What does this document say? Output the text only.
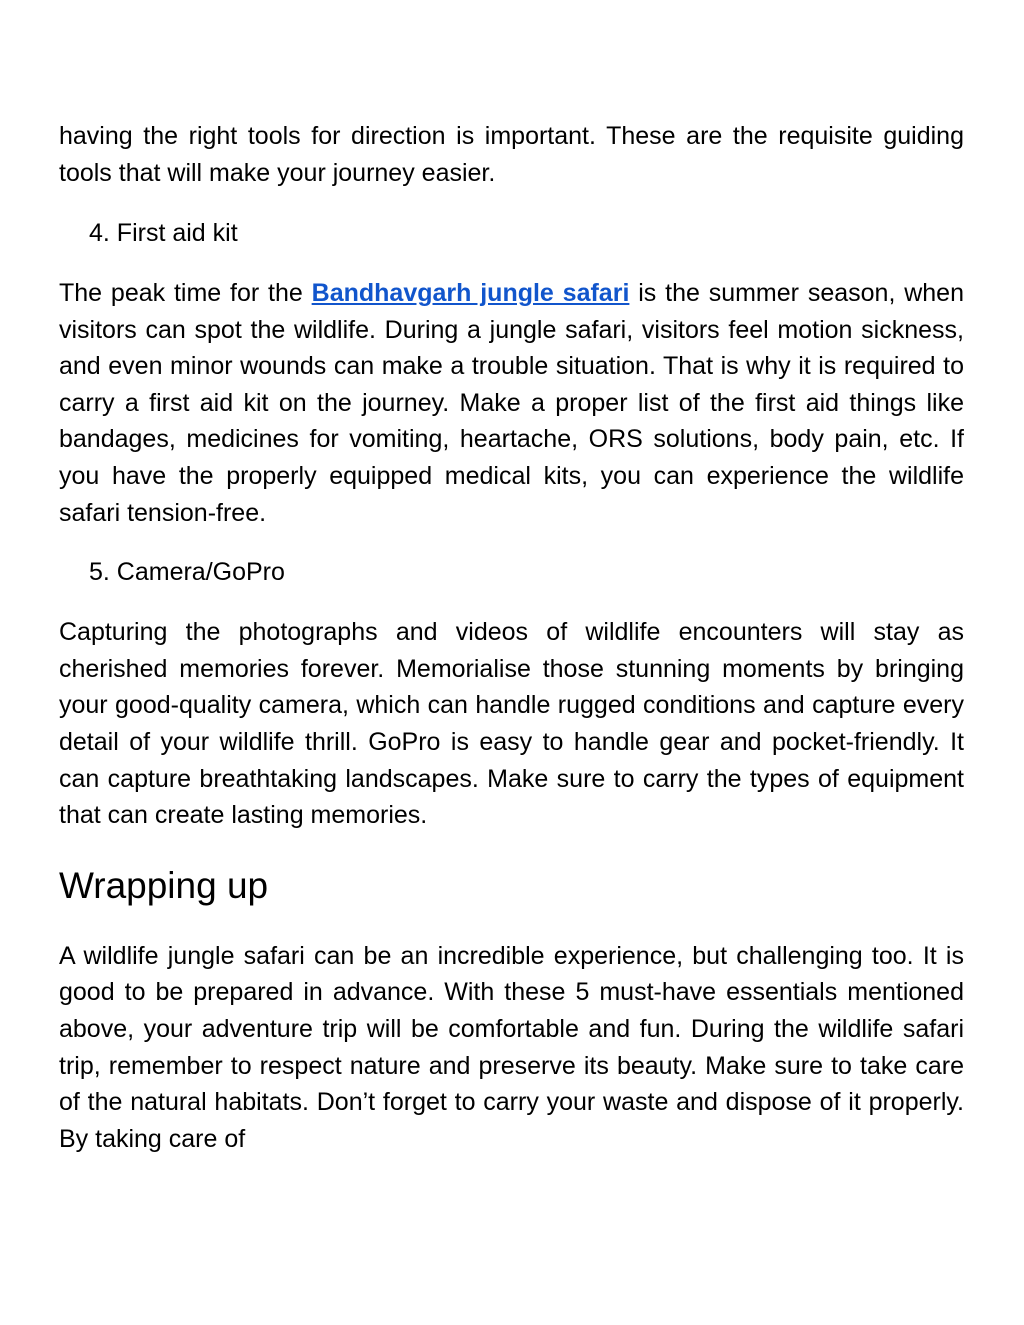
having the right tools for direction is important. These are the requisite guiding tools that will make your journey easier.

4. First aid kit

The peak time for the Bandhavgarh jungle safari is the summer season, when visitors can spot the wildlife. During a jungle safari, visitors feel motion sickness, and even minor wounds can make a trouble situation. That is why it is required to carry a first aid kit on the journey. Make a proper list of the first aid things like bandages, medicines for vomiting, heartache, ORS solutions, body pain, etc. If you have the properly equipped medical kits, you can experience the wildlife safari tension-free.

5. Camera/GoPro

Capturing the photographs and videos of wildlife encounters will stay as cherished memories forever. Memorialise those stunning moments by bringing your good-quality camera, which can handle rugged conditions and capture every detail of your wildlife thrill. GoPro is easy to handle gear and pocket-friendly. It can capture breathtaking landscapes. Make sure to carry the types of equipment that can create lasting memories.

Wrapping up

A wildlife jungle safari can be an incredible experience, but challenging too. It is good to be prepared in advance. With these 5 must-have essentials mentioned above, your adventure trip will be comfortable and fun. During the wildlife safari trip, remember to respect nature and preserve its beauty. Make sure to take care of the natural habitats. Don’t forget to carry your waste and dispose of it properly. By taking care of
